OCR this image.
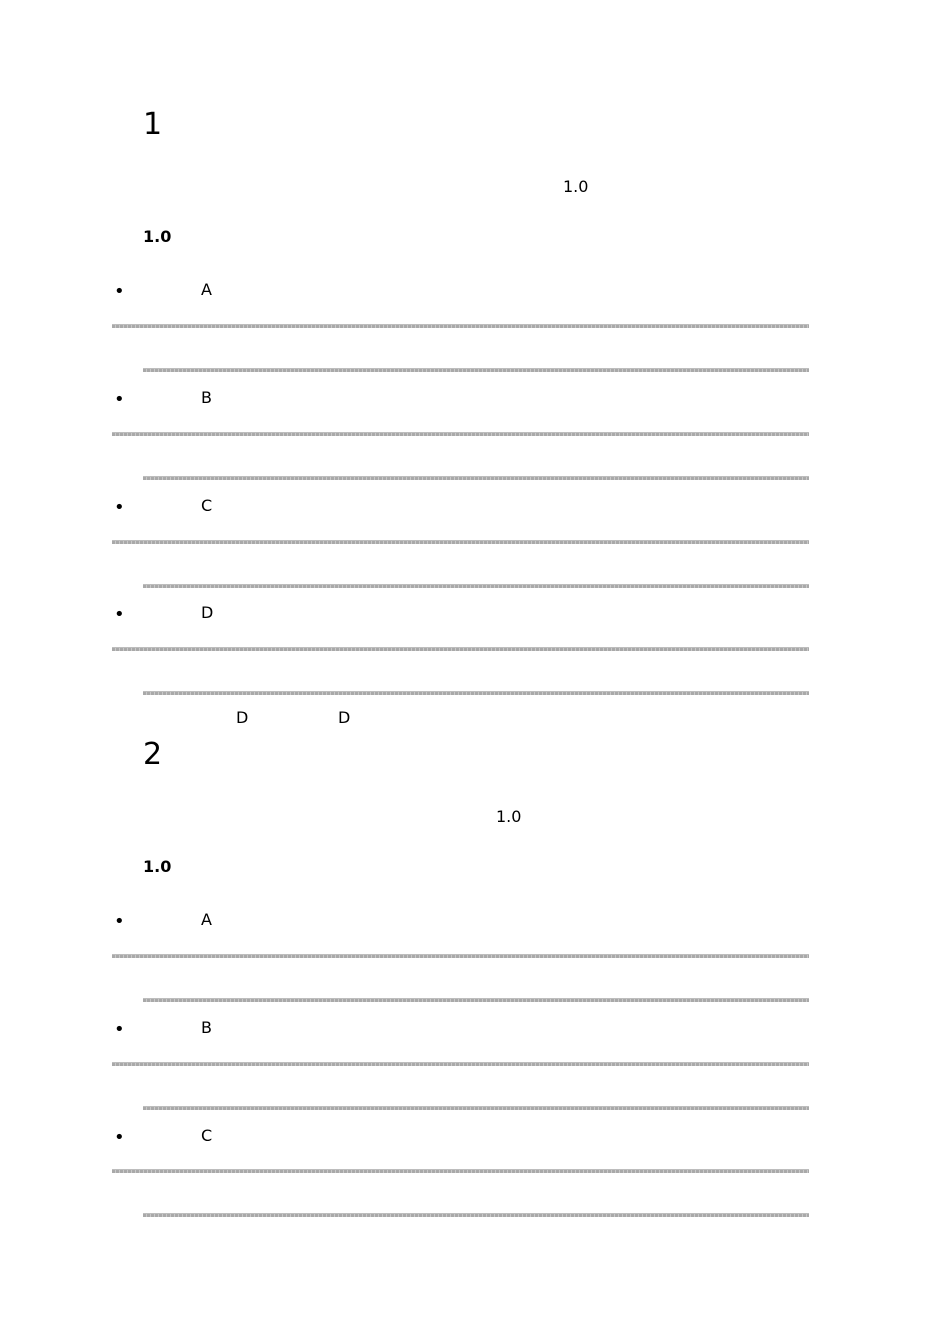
1
1.0
1.0
•	A
•	B
•	C
•	D
D	D
2
1.0
1.0
•	A
•	B
•	C
